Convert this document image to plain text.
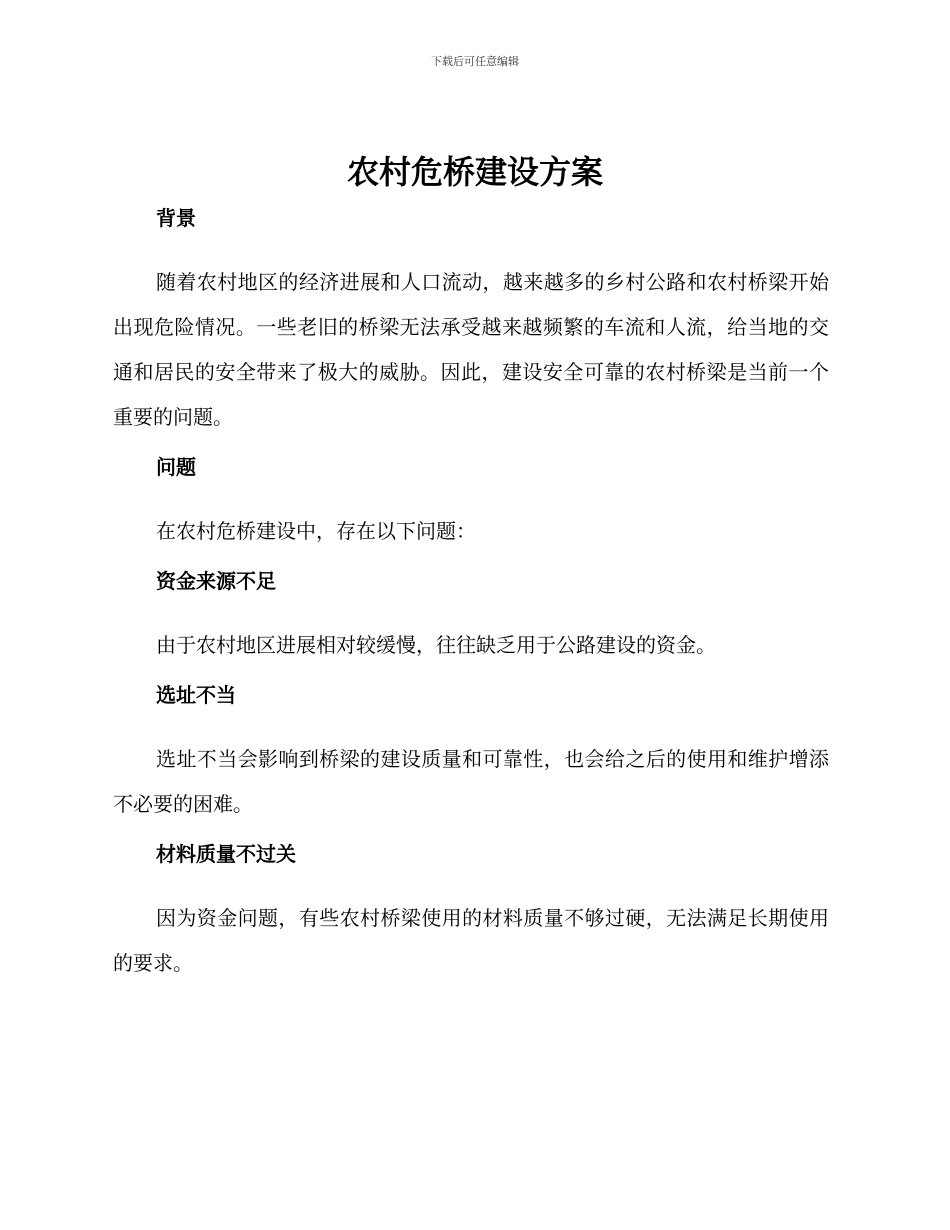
下载后可任意编辑
农村危桥建设方案
背景

随着农村地区的经济进展和人口流动，越来越多的乡村公路和农村桥梁开始出现危险情况。一些老旧的桥梁无法承受越来越频繁的车流和人流，给当地的交通和居民的安全带来了极大的威胁。因此，建设安全可靠的农村桥梁是当前一个重要的问题。

问题

在农村危桥建设中，存在以下问题：

资金来源不足

由于农村地区进展相对较缓慢，往往缺乏用于公路建设的资金。

选址不当

选址不当会影响到桥梁的建设质量和可靠性，也会给之后的使用和维护增添不必要的困难。

材料质量不过关

因为资金问题，有些农村桥梁使用的材料质量不够过硬，无法满足长期使用的要求。
